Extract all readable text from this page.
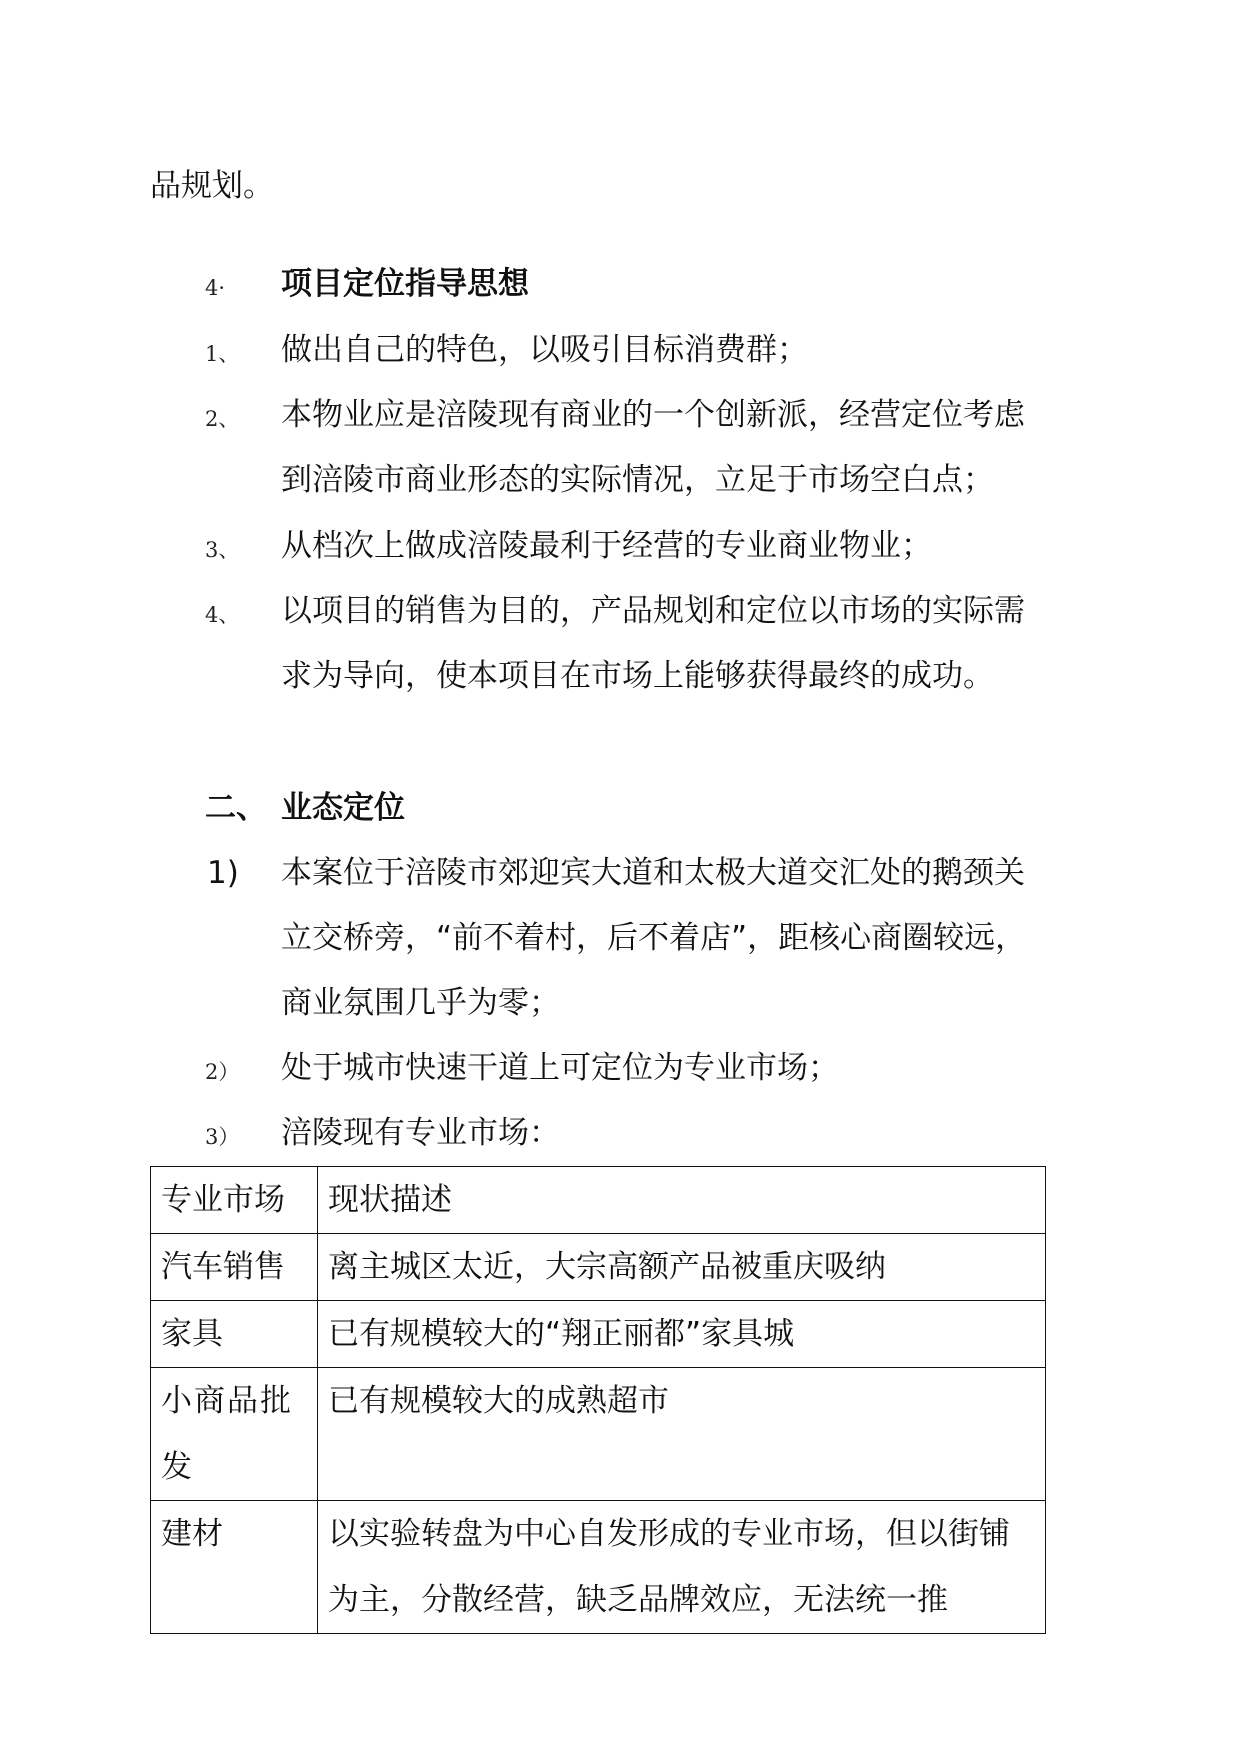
品规划。
4· 项目定位指导思想
1、 做出自己的特色，以吸引目标消费群；
2、 本物业应是涪陵现有商业的一个创新派，经营定位考虑
到涪陵市商业形态的实际情况，立足于市场空白点；
3、 从档次上做成涪陵最利于经营的专业商业物业；
4、 以项目的销售为目的，产品规划和定位以市场的实际需
求为导向，使本项目在市场上能够获得最终的成功。
二、 业态定位
1) 本案位于涪陵市郊迎宾大道和太极大道交汇处的鹅颈关
立交桥旁，“前不着村，后不着店”，距核心商圈较远，
商业氛围几乎为零；
2） 处于城市快速干道上可定位为专业市场；
3） 涪陵现有专业市场：
专业市场	现状描述
汽车销售	离主城区太近，大宗高额产品被重庆吸纳
家具	已有规模较大的“翔正丽都”家具城
小商品批发	已有规模较大的成熟超市
建材	以实验转盘为中心自发形成的专业市场，但以街铺为主，分散经营，缺乏品牌效应，无法统一推
